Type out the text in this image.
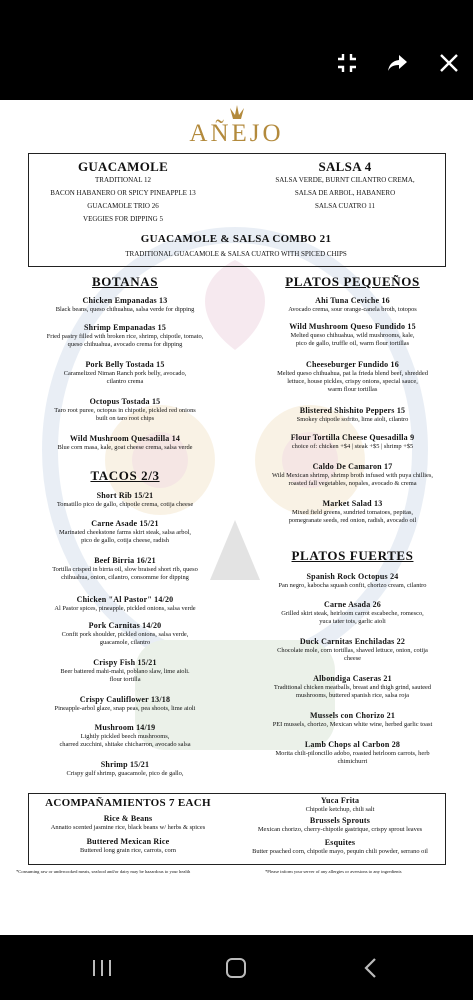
AÑEJO
GUACAMOLE
TRADITIONAL 12
BACON HABANERO OR SPICY PINEAPPLE 13
GUACAMOLE TRIO 26
VEGGIES FOR DIPPING 5
SALSA 4
SALSA VERDE, BURNT CILANTRO CREMA,
SALSA DE ARBOL, HABANERO
SALSA CUATRO 11
GUACAMOLE & SALSA COMBO 21
TRADITIONAL GUACAMOLE & SALSA CUATRO WITH SPICED CHIPS
BOTANAS
Chicken Empanadas 13
Black beans, queso chihuahua, salsa verde for dipping
Shrimp Empanadas 15
Fried pastry filled with broken rice, shrimp, chipotle, tomato,
queso chihuahua, avocado crema for dipping
Pork Belly Tostada 15
Caramelized Niman Ranch pork belly, avocado,
cilantro crema
Octopus Tostada 15
Taro root puree, octopus in chipotle, pickled red onions
built on taro root chips
Wild Mushroom Quesadilla 14
Blue corn masa, kale, goat cheese crema, salsa verde
TACOS 2/3
Short Rib 15/21
Tomatillo pico de gallo, chipotle crema, cotija cheese
Carne Asade 15/21
Marinated cheekstone farms skirt steak, salsa arbol,
pico de gallo, cotija cheese, radish
Beef Birria 16/21
Tortilla crisped in birria oil, slow braised short rib, queso
chihuahua, onion, cilantro, consomme for dipping
Chicken "Al Pastor" 14/20
Al Pastor spices, pineapple, pickled onions, salsa verde
Pork Carnitas 14/20
Confit pork shoulder, pickled onions, salsa verde,
guacamole, cilantro
Crispy Fish 15/21
Beer battered mahi-mahi, poblano slaw, lime aioli.
flour tortilla
Crispy Cauliflower 13/18
Pineapple-arbol glaze, snap peas, pea shoots, lime aioli
Mushroom 14/19
Lightly pickled beech mushrooms,
charred zucchini, shitake chicharron, avocado salsa
Shrimp 15/21
Crispy gulf shrimp, guacamole, pico de gallo,
PLATOS PEQUEÑOS
Ahi Tuna Ceviche 16
Avocado crema, sour orange-canela broth, totopos
Wild Mushroom Queso Fundido 15
Melted queso chihuahua, wild mushrooms, kale,
pico de gallo, truffle oil, warm flour tortillas
Cheeseburger Fundido 16
Melted queso chihuahua, pat la frieda blend beef, shredded
lettuce, house pickles, crispy onions, special sauce,
warm flour tortillas
Blistered Shishito Peppers 15
Smokey chipotle sofrito, lime aioli, cilantro
Flour Tortilla Cheese Quesadilla 9
choice of: chicken +$4 | steak +$5 | shrimp +$5
Caldo De Camaron 17
Wild Mexican shrimp, shrimp broth infused with puya chillies,
roasted fall vegetables, nopales, avocado & crema
Market Salad 13
Mixed field greens, sundried tomatoes, pepitas,
pomegranate seeds, red onion, radish, avocado oil
PLATOS FUERTES
Spanish Rock Octopus 24
Pan negro, kabocha squash confit, chorizo cream, cilantro
Carne Asada 26
Grilled skirt steak, heirloom carrot escabeche, romesco,
yuca tater tots, garlic aioli
Duck Carnitas Enchiladas 22
Chocolate mole, corn tortillas, shaved lettuce, onion, cotija
cheese
Albondiga Caseras 21
Traditional chicken meatballs, breast and thigh grind, sauteed
mushrooms, buttered spanish rice, salsa roja
Mussels con Chorizo 21
PEI mussels, chorizo, Mexican white wine, herbed garlic toast
Lamb Chops al Carbon 28
Morita chili-piloncillo adobo, roasted heirloom carrots, herb
chimichurri
ACOMPAÑAMIENTOS 7 EACH
Rice & Beans
Annatto scented jasmine rice, black beans w/ herbs & spices
Buttered Mexican Rice
Buttered long grain rice, carrots, corn
Yuca Frita
Chipotle ketchup, chili salt
Brussels Sprouts
Mexican chorizo, cherry-chipotle gastrique, crispy sprout leaves
Esquites
Butter poached corn, chipotle mayo, pequin chili powder, serrano oil
*Consuming raw or undercooked meats, seafood and/or dairy may be hazardous to your health	*Please inform your server of any allergies or aversions to any ingredients
